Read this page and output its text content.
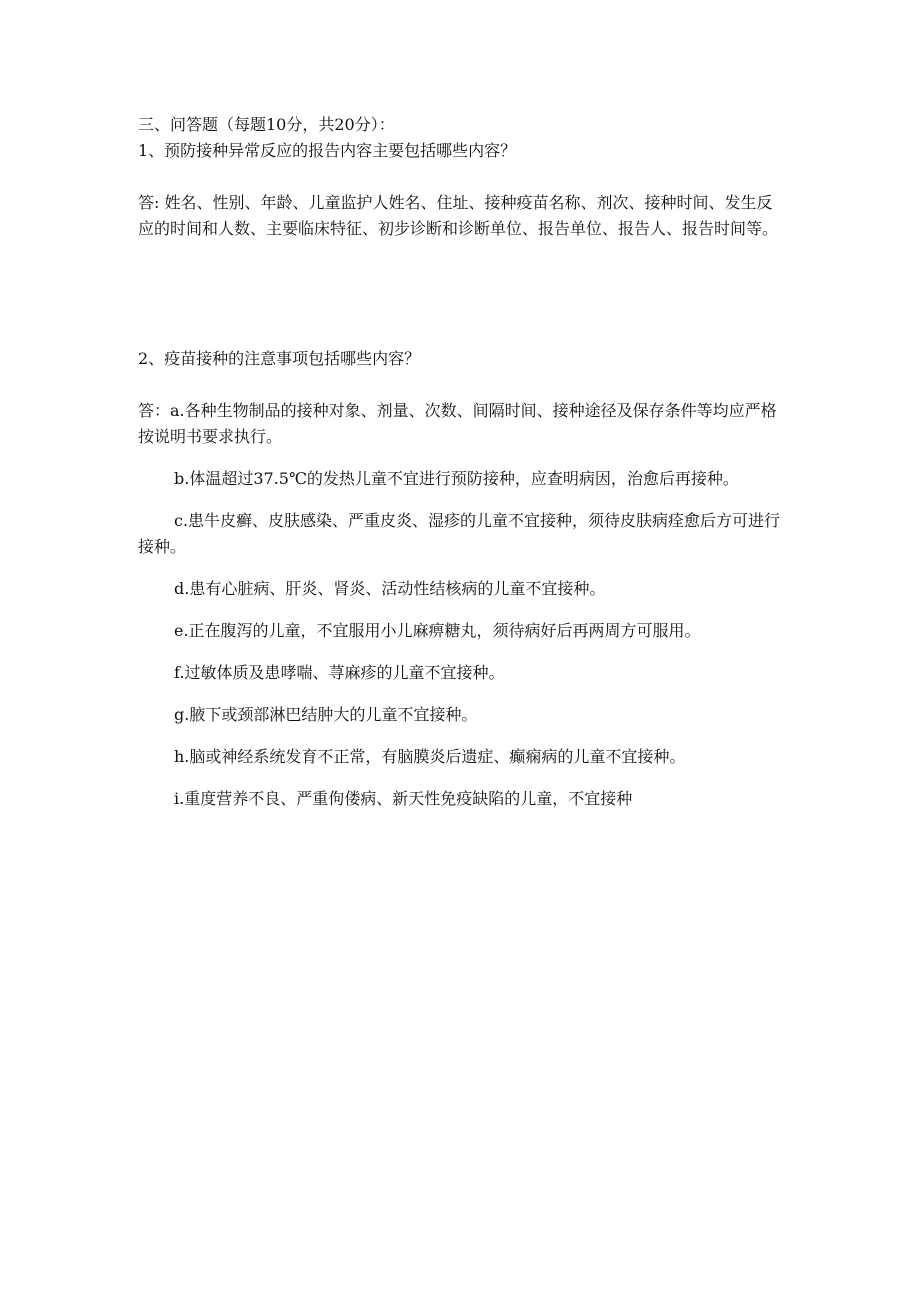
三、问答题（每题10分，共20分）：
1、预防接种异常反应的报告内容主要包括哪些内容？

答: 姓名、性别、年龄、儿童监护人姓名、住址、接种疫苗名称、剂次、接种时间、发生反应的时间和人数、主要临床特征、初步诊断和诊断单位、报告单位、报告人、报告时间等。

2、疫苗接种的注意事项包括哪些内容？

答：a.各种生物制品的接种对象、剂量、次数、间隔时间、接种途径及保存条件等均应严格按说明书要求执行。

b.体温超过37.5℃的发热儿童不宜进行预防接种，应查明病因，治愈后再接种。

c.患牛皮癣、皮肤感染、严重皮炎、湿疹的儿童不宜接种，须待皮肤病痊愈后方可进行接种。

d.患有心脏病、肝炎、肾炎、活动性结核病的儿童不宜接种。

e.正在腹泻的儿童，不宜服用小儿麻痹糖丸，须待病好后再两周方可服用。

f.过敏体质及患哮喘、荨麻疹的儿童不宜接种。

g.腋下或颈部淋巴结肿大的儿童不宜接种。

h.脑或神经系统发育不正常，有脑膜炎后遗症、癫痫病的儿童不宜接种。

i.重度营养不良、严重佝偻病、新天性免疫缺陷的儿童，不宜接种
